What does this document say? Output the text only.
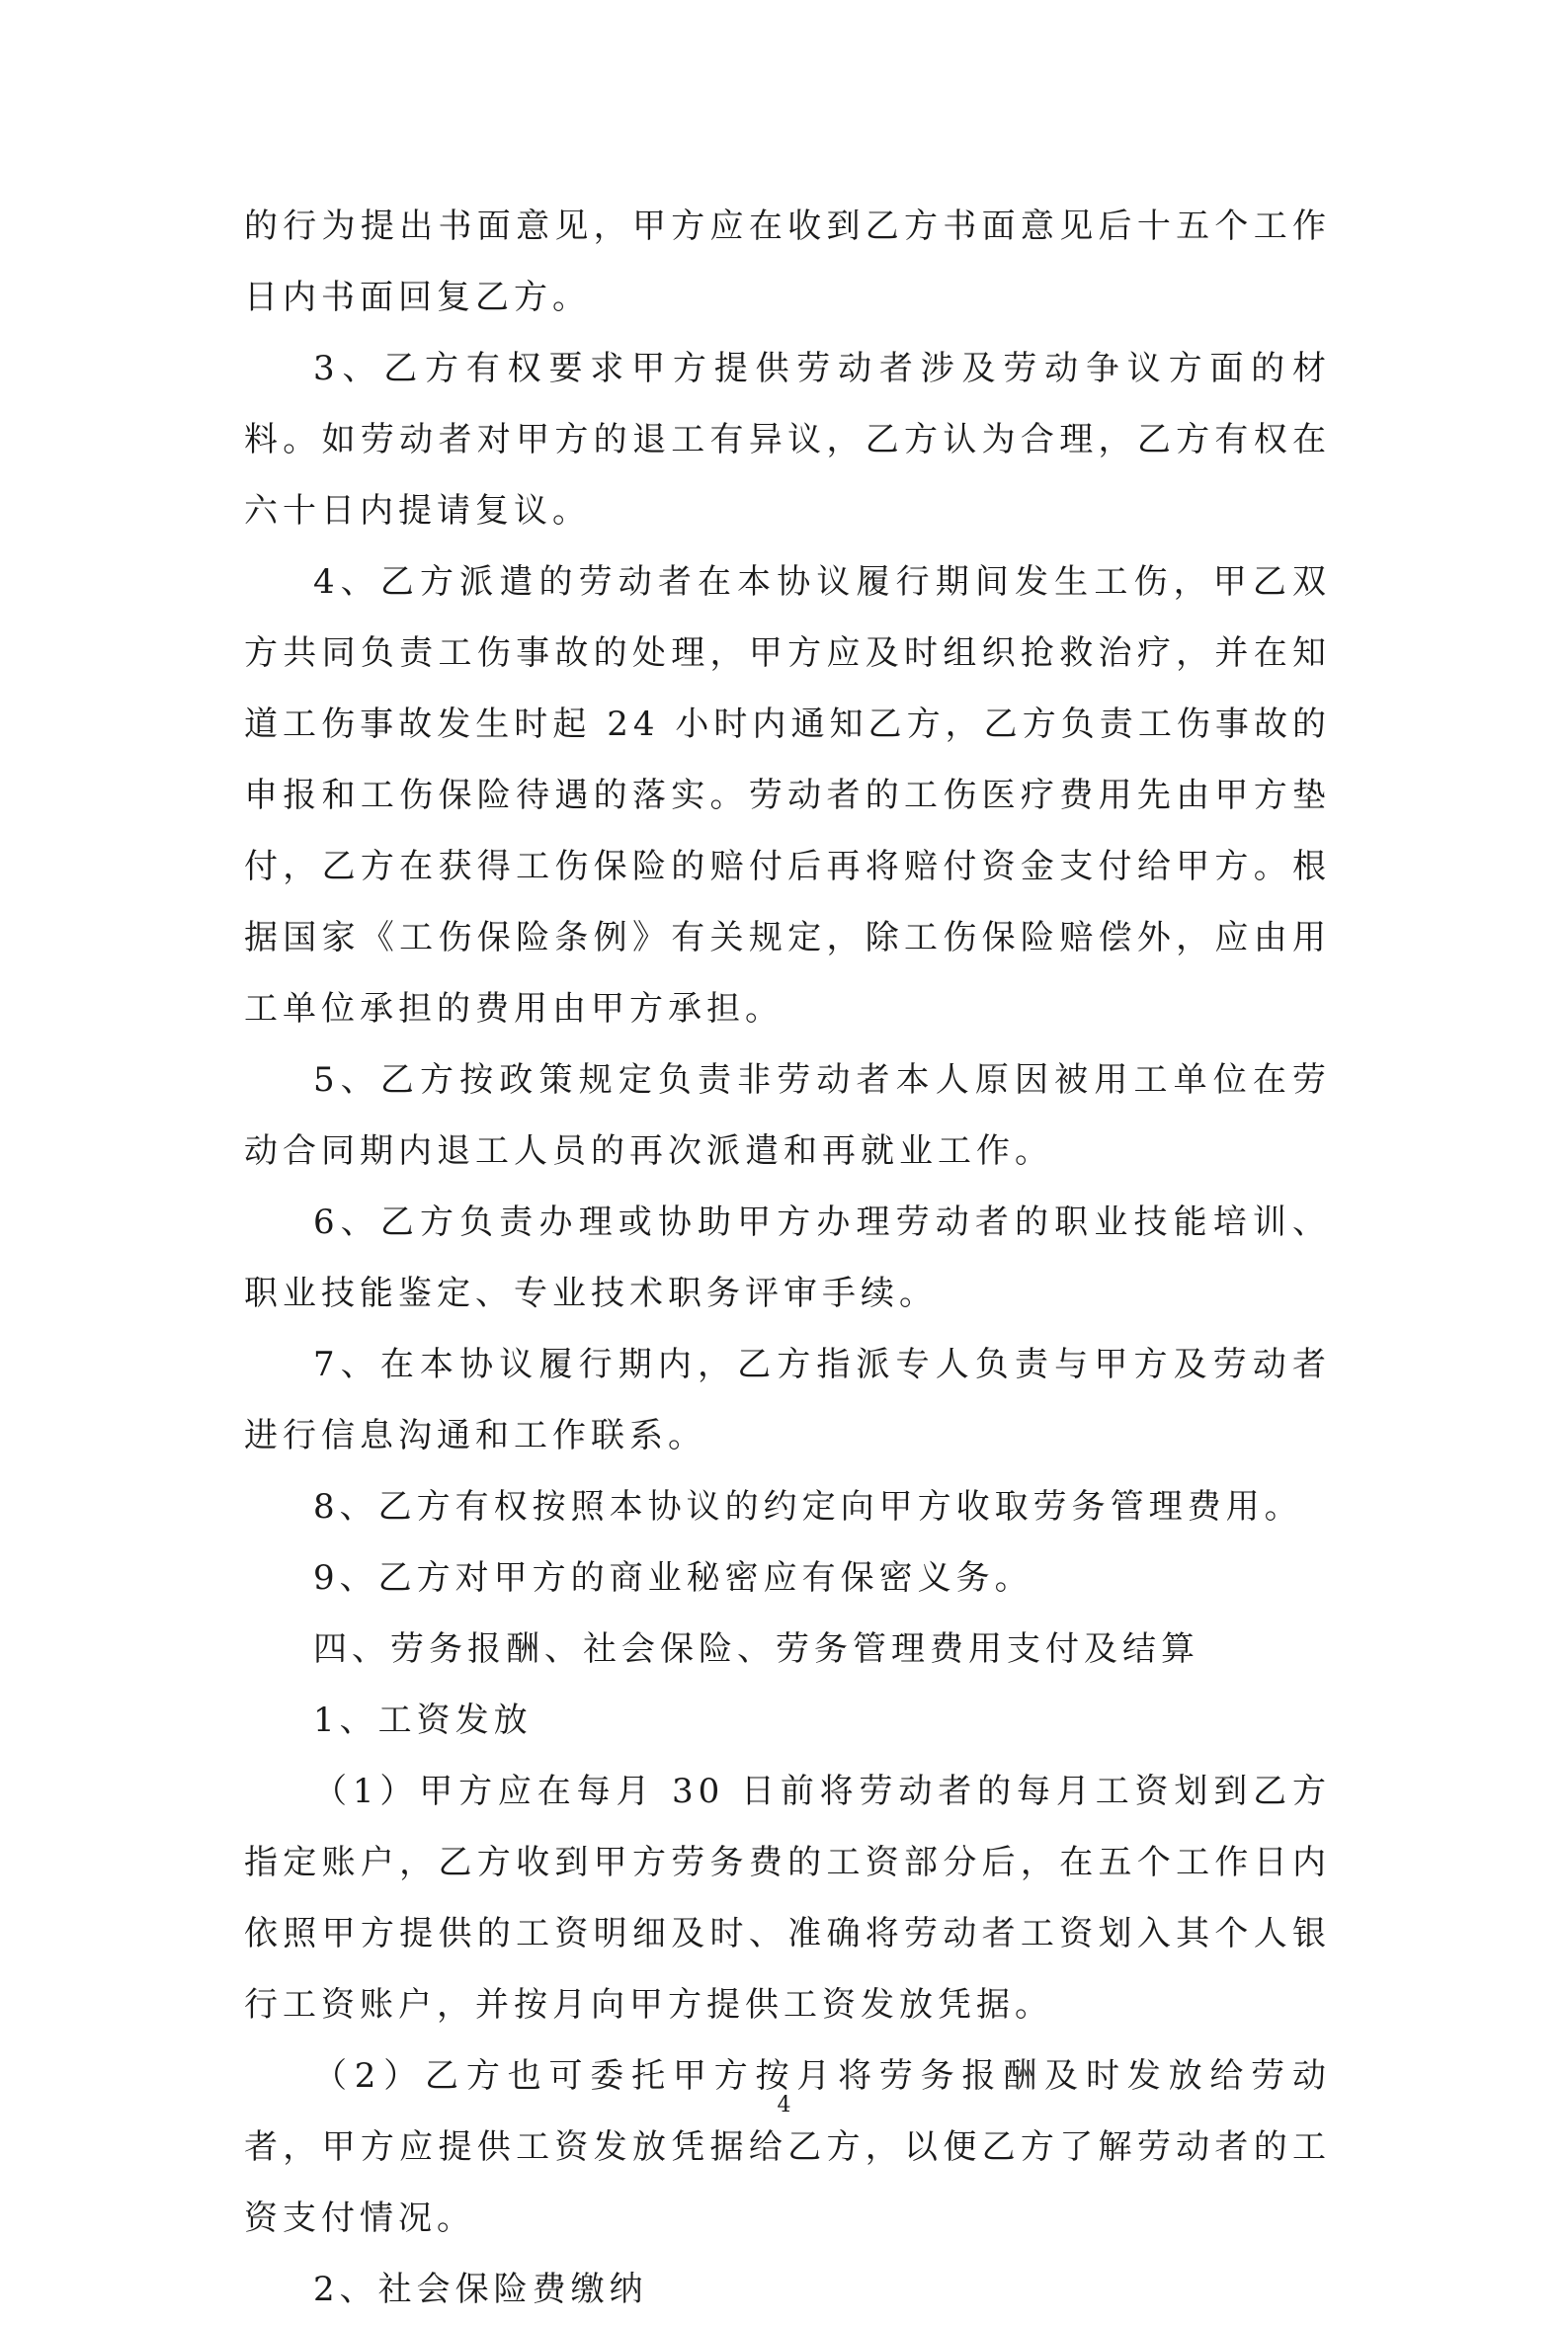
的行为提出书面意见，甲方应在收到乙方书面意见后十五个工作日内书面回复乙方。

3、乙方有权要求甲方提供劳动者涉及劳动争议方面的材料。如劳动者对甲方的退工有异议，乙方认为合理，乙方有权在六十日内提请复议。

4、乙方派遣的劳动者在本协议履行期间发生工伤，甲乙双方共同负责工伤事故的处理，甲方应及时组织抢救治疗，并在知道工伤事故发生时起 24 小时内通知乙方，乙方负责工伤事故的申报和工伤保险待遇的落实。劳动者的工伤医疗费用先由甲方垫付，乙方在获得工伤保险的赔付后再将赔付资金支付给甲方。根据国家《工伤保险条例》有关规定，除工伤保险赔偿外，应由用工单位承担的费用由甲方承担。

5、乙方按政策规定负责非劳动者本人原因被用工单位在劳动合同期内退工人员的再次派遣和再就业工作。

6、乙方负责办理或协助甲方办理劳动者的职业技能培训、职业技能鉴定、专业技术职务评审手续。

7、在本协议履行期内，乙方指派专人负责与甲方及劳动者进行信息沟通和工作联系。

8、乙方有权按照本协议的约定向甲方收取劳务管理费用。

9、乙方对甲方的商业秘密应有保密义务。

四、劳务报酬、社会保险、劳务管理费用支付及结算

1、工资发放

（1）甲方应在每月 30 日前将劳动者的每月工资划到乙方指定账户，乙方收到甲方劳务费的工资部分后，在五个工作日内依照甲方提供的工资明细及时、准确将劳动者工资划入其个人银行工资账户，并按月向甲方提供工资发放凭据。

（2）乙方也可委托甲方按月将劳务报酬及时发放给劳动者，甲方应提供工资发放凭据给乙方，以便乙方了解劳动者的工资支付情况。

2、社会保险费缴纳

4
